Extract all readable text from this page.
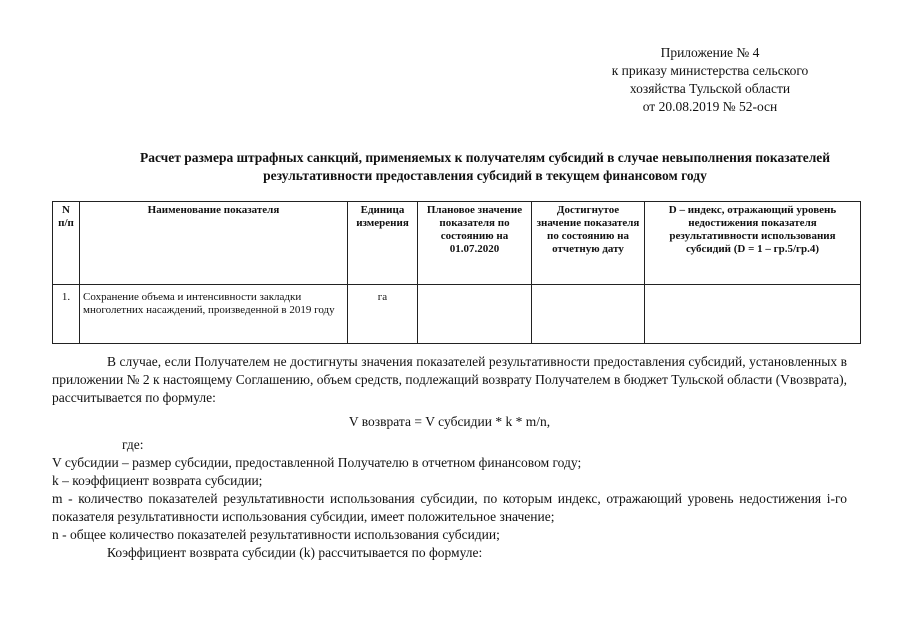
Приложение № 4
к приказу министерства сельского
хозяйства Тульской области
от 20.08.2019 № 52-осн
Расчет размера штрафных санкций, применяемых к получателям субсидий в случае невыполнения показателей результативности предоставления субсидий в текущем финансовом году
N п/п	Наименование показателя	Единица измерения	Плановое значение показателя по состоянию на 01.07.2020	Достигнутое значение показателя по состоянию на отчетную дату	D – индекс, отражающий уровень недостижения показателя результативности использования субсидий (D = 1 – гр.5/гр.4)
1.	Сохранение объема и интенсивности закладки многолетних насаждений, произведенной в 2019 году	га			

В случае, если Получателем не достигнуты значения показателей результативности предоставления субсидий, установленных в приложении № 2 к настоящему Соглашению, объем средств, подлежащий возврату Получателем в бюджет Тульской области (Vвозврата), рассчитывается по формуле:

V возврата = V субсидии * k * m/n,

где:

V субсидии – размер субсидии, предоставленной Получателю в отчетном финансовом году;

k – коэффициент возврата субсидии;

m - количество показателей результативности использования субсидии, по которым индекс, отражающий уровень недостижения i-го показателя результативности использования субсидии, имеет положительное значение;

n - общее количество показателей результативности использования субсидии;

Коэффициент возврата субсидии (k) рассчитывается по формуле:
